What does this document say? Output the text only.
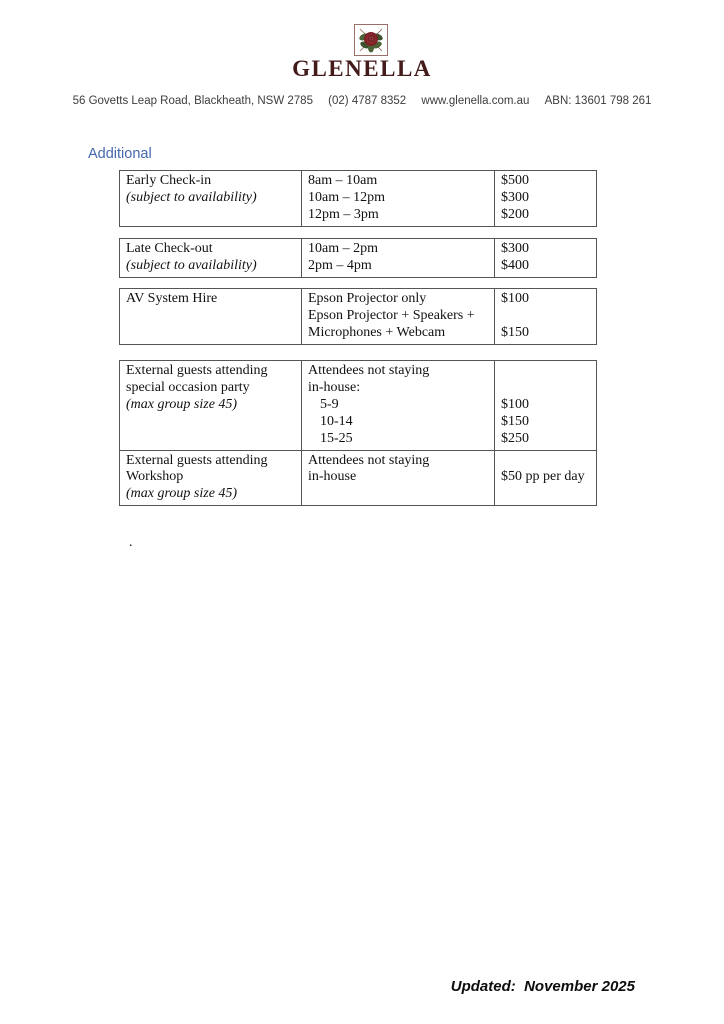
GLENELLA
56 Govetts Leap Road, Blackheath, NSW 2785 (02) 4787 8352 www.glenella.com.au ABN: 13601 798 261
Additional
Early Check-in
(subject to availability)
8am – 10am
10am – 12pm
12pm – 3pm
$500
$300
$200
Late Check-out
(subject to availability)
10am – 2pm
2pm – 4pm
$300
$400
AV System Hire	Epson Projector only
Epson Projector + Speakers +
Microphones + Webcam
$100
$150
External guests attending
special occasion party
(max group size 45)
Attendees not staying
in-house:
5-9
10-14
15-25
$100
$150
$250
External guests attending
Workshop
(max group size 45)
Attendees not staying
in-house	$50 pp per day
.
Updated:  November 2025
